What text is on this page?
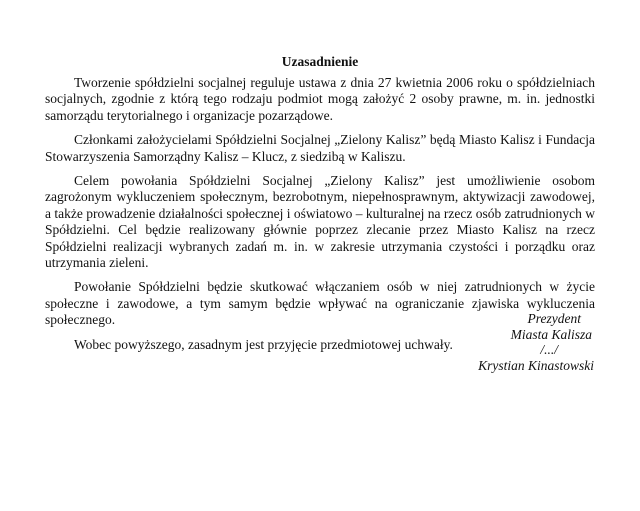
Uzasadnienie

Tworzenie spółdzielni socjalnej reguluje ustawa z dnia 27 kwietnia 2006 roku o spółdzielniach socjalnych, zgodnie z którą tego rodzaju podmiot mogą założyć 2 osoby prawne, m. in. jednostki samorządu terytorialnego i organizacje pozarządowe.

Członkami założycielami Spółdzielni Socjalnej „Zielony Kalisz” będą Miasto Kalisz i Fundacja Stowarzyszenia Samorządny Kalisz – Klucz, z siedzibą w Kaliszu.

Celem powołania Spółdzielni Socjalnej „Zielony Kalisz” jest umożliwienie osobom zagrożonym wykluczeniem społecznym, bezrobotnym, niepełnosprawnym, aktywizacji zawodowej, a także prowadzenie działalności społecznej i oświatowo – kulturalnej na rzecz osób zatrudnionych w Spółdzielni. Cel będzie realizowany głównie poprzez zlecanie przez Miasto Kalisz na rzecz Spółdzielni realizacji wybranych zadań m. in. w zakresie utrzymania czystości i porządku oraz utrzymania zieleni.

Powołanie Spółdzielni będzie skutkować włączaniem osób w niej zatrudnionych w życie społeczne i zawodowe, a tym samym będzie wpływać na ograniczanie zjawiska wykluczenia społecznego.

Wobec powyższego, zasadnym jest przyjęcie przedmiotowej uchwały.

Prezydent
Miasta Kalisza
/.../
Krystian Kinastowski
